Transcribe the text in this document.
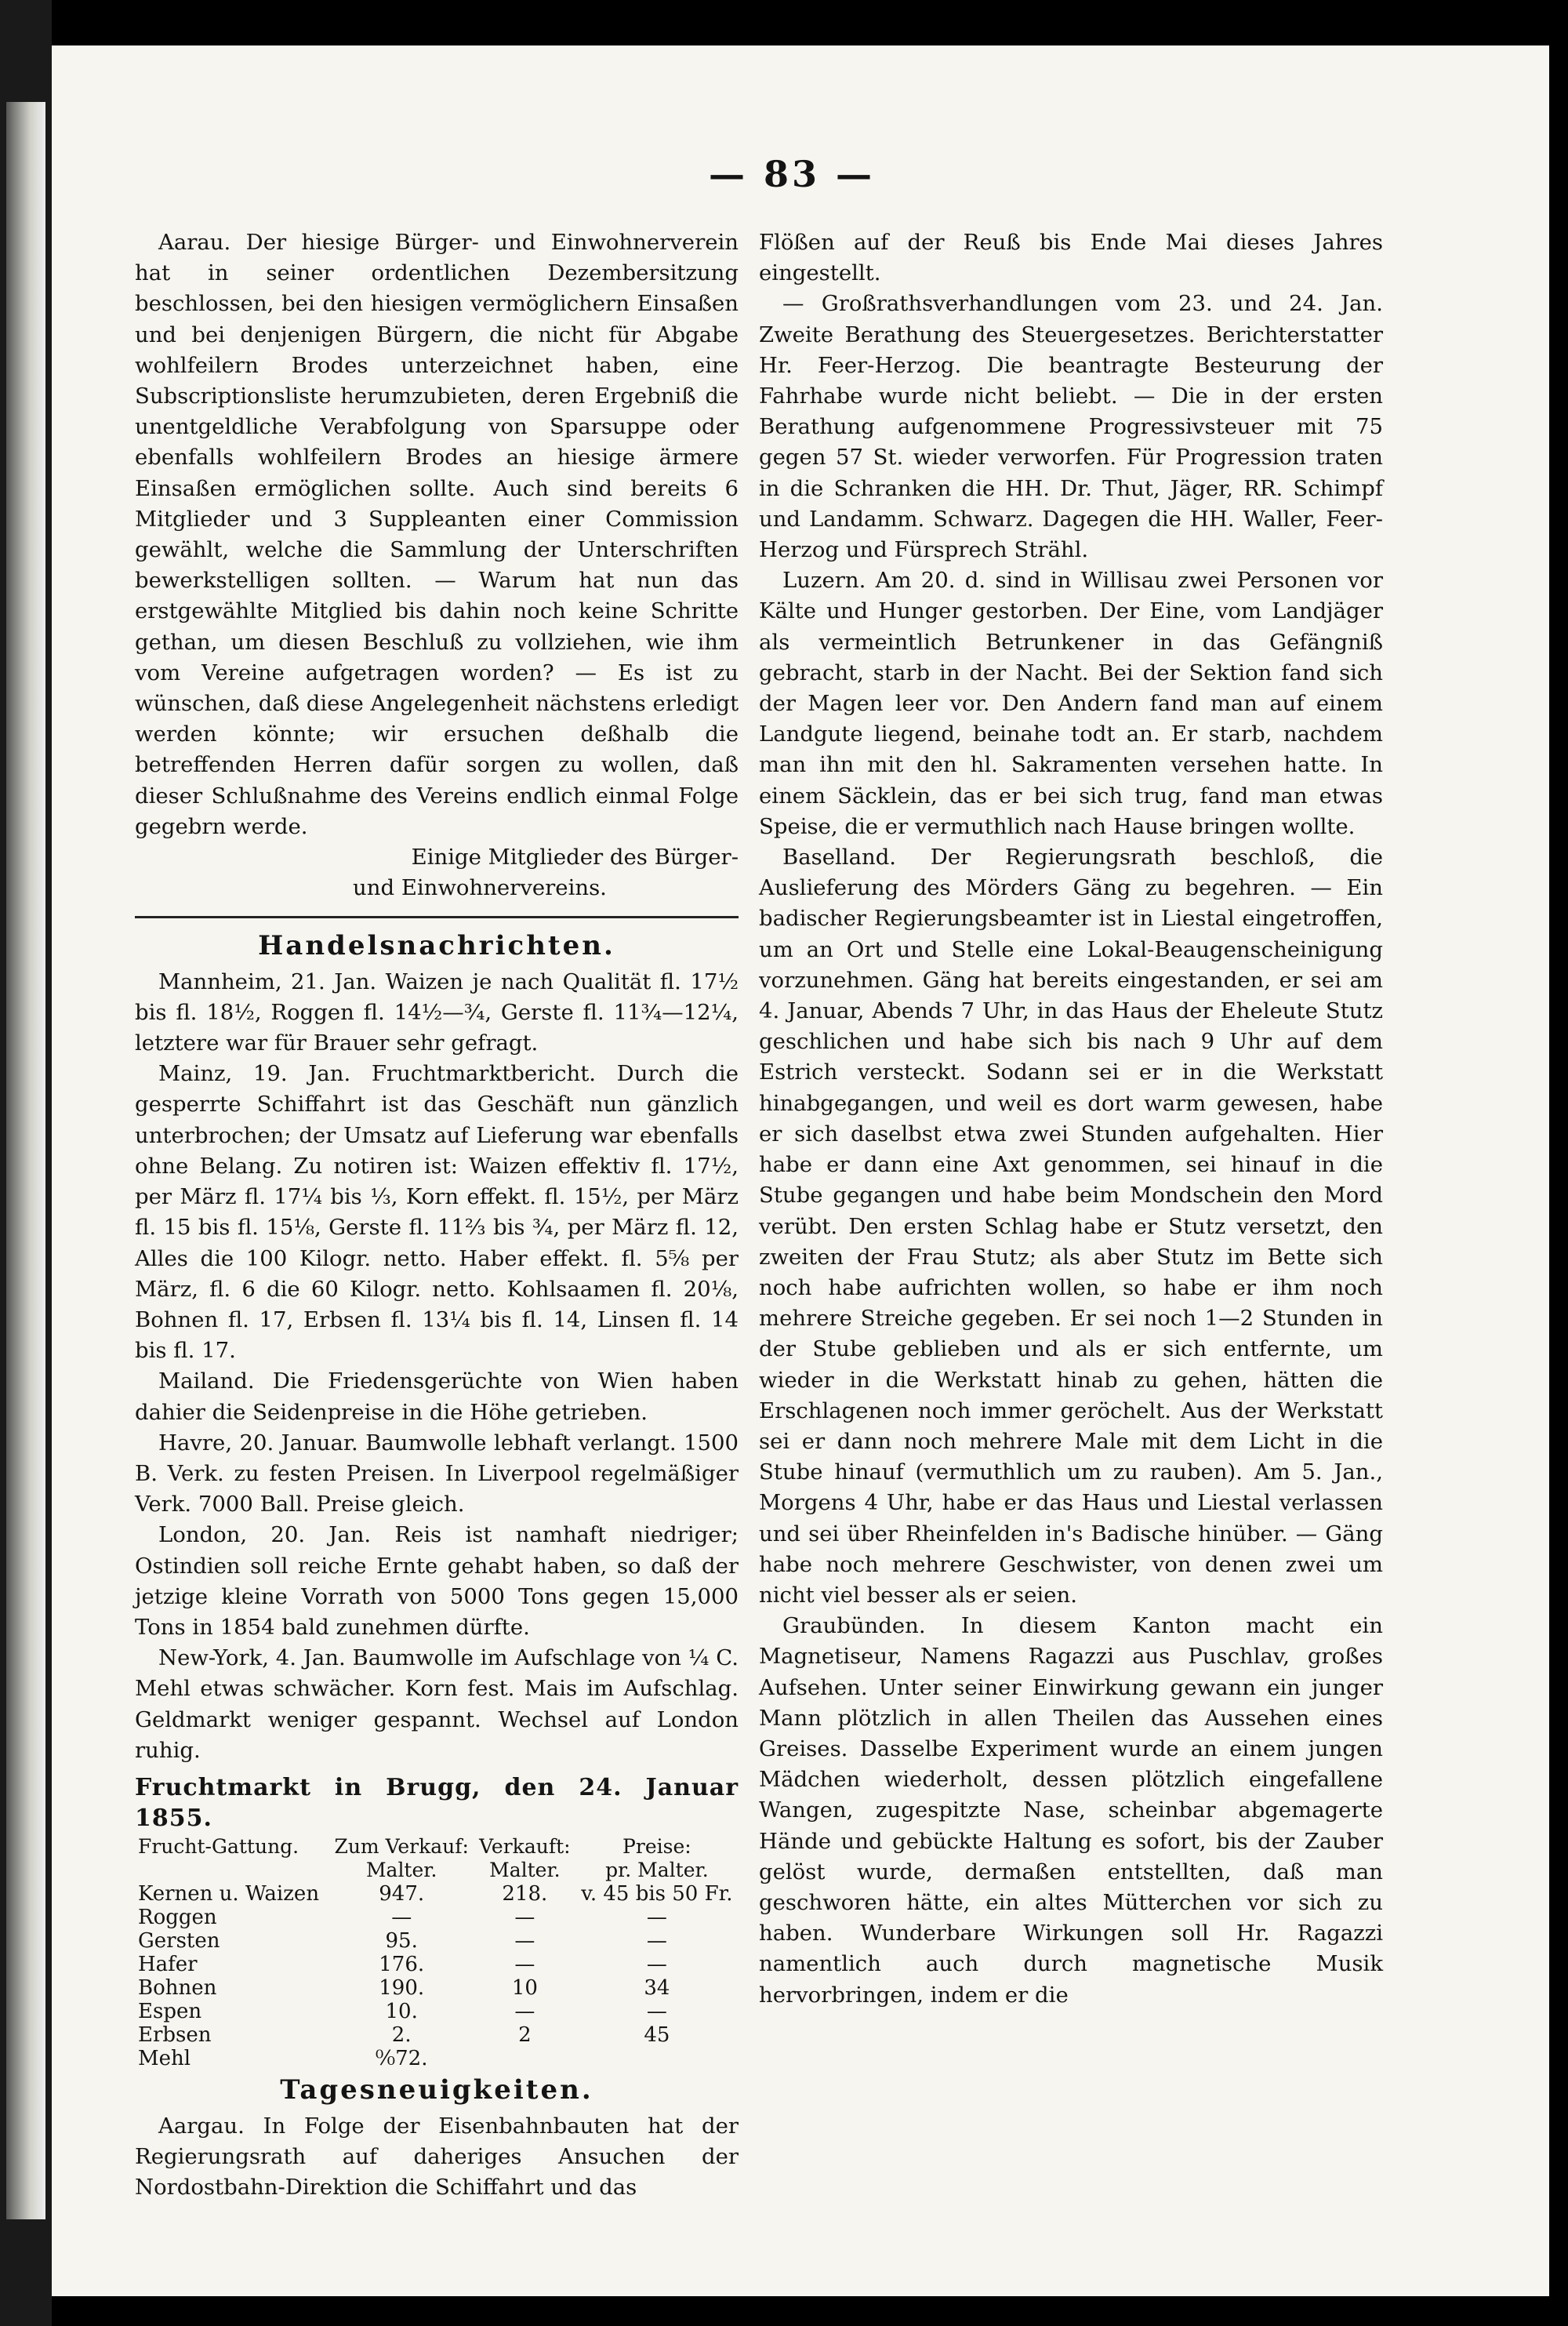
— 83 —

Aarau. Der hiesige Bürger- und Einwohnerverein hat in seiner ordentlichen Dezembersitzung beschlossen, bei den hiesigen vermöglichern Einsaßen und bei denjenigen Bürgern, die nicht für Abgabe wohlfeilern Brodes unterzeichnet haben, eine Subscriptionsliste herumzubieten, deren Ergebniß die unentgeldliche Verabfolgung von Sparsuppe oder ebenfalls wohlfeilern Brodes an hiesige ärmere Einsaßen ermöglichen sollte. Auch sind bereits 6 Mitglieder und 3 Suppleanten einer Commission gewählt, welche die Sammlung der Unterschriften bewerkstelligen sollten. — Warum hat nun das erstgewählte Mitglied bis dahin noch keine Schritte gethan, um diesen Beschluß zu vollziehen, wie ihm vom Vereine aufgetragen worden? — Es ist zu wünschen, daß diese Angelegenheit nächstens erledigt werden könnte; wir ersuchen deßhalb die betreffenden Herren dafür sorgen zu wollen, daß dieser Schlußnahme des Vereins endlich einmal Folge gegebrn werde.

Einige Mitglieder des Bürger-

und Einwohnervereins.

Handelsnachrichten.

Mannheim, 21. Jan. Waizen je nach Qualität fl. 17½ bis fl. 18½, Roggen fl. 14½—¾, Gerste fl. 11¾—12¼, letztere war für Brauer sehr gefragt.

Mainz, 19. Jan. Fruchtmarktbericht. Durch die gesperrte Schiffahrt ist das Geschäft nun gänzlich unterbrochen; der Umsatz auf Lieferung war ebenfalls ohne Belang. Zu notiren ist: Waizen effektiv fl. 17½, per März fl. 17¼ bis ⅓, Korn effekt. fl. 15½, per März fl. 15 bis fl. 15⅛, Gerste fl. 11⅔ bis ¾, per März fl. 12, Alles die 100 Kilogr. netto. Haber effekt. fl. 5⅝ per März, fl. 6 die 60 Kilogr. netto. Kohlsaamen fl. 20⅛, Bohnen fl. 17, Erbsen fl. 13¼ bis fl. 14, Linsen fl. 14 bis fl. 17.

Mailand. Die Friedensgerüchte von Wien haben dahier die Seidenpreise in die Höhe getrieben.

Havre, 20. Januar. Baumwolle lebhaft verlangt. 1500 B. Verk. zu festen Preisen. In Liverpool regelmäßiger Verk. 7000 Ball. Preise gleich.

London, 20. Jan. Reis ist namhaft niedriger; Ostindien soll reiche Ernte gehabt haben, so daß der jetzige kleine Vorrath von 5000 Tons gegen 15,000 Tons in 1854 bald zunehmen dürfte.

New-York, 4. Jan. Baumwolle im Aufschlage von ¼ C. Mehl etwas schwächer. Korn fest. Mais im Aufschlag. Geldmarkt weniger gespannt. Wechsel auf London ruhig.

Fruchtmarkt in Brugg, den 24. Januar 1855.
Frucht-Gattung.	Zum Verkauf:	Verkauft:	Preise:
	Malter.	Malter.	pr. Malter.
Kernen u. Waizen	947.	218.	v. 45 bis 50 Fr.
Roggen	—	—	—
Gersten	95.	—	—
Hafer	176.	—	—
Bohnen	190.	10	34
Espen	10.	—	—
Erbsen	2.	2	45
Mehl	⁰⁄₀72.		
Tagesneuigkeiten.

Aargau. In Folge der Eisenbahnbauten hat der Regierungsrath auf daheriges Ansuchen der Nordostbahn-Direktion die Schiffahrt und das

Flößen auf der Reuß bis Ende Mai dieses Jahres eingestellt.

— Großrathsverhandlungen vom 23. und 24. Jan. Zweite Berathung des Steuergesetzes. Berichterstatter Hr. Feer-Herzog. Die beantragte Besteurung der Fahrhabe wurde nicht beliebt. — Die in der ersten Berathung aufgenommene Progressivsteuer mit 75 gegen 57 St. wieder verworfen. Für Progression traten in die Schranken die HH. Dr. Thut, Jäger, RR. Schimpf und Landamm. Schwarz. Dagegen die HH. Waller, Feer-Herzog und Fürsprech Strähl.

Luzern. Am 20. d. sind in Willisau zwei Personen vor Kälte und Hunger gestorben. Der Eine, vom Landjäger als vermeintlich Betrunkener in das Gefängniß gebracht, starb in der Nacht. Bei der Sektion fand sich der Magen leer vor. Den Andern fand man auf einem Landgute liegend, beinahe todt an. Er starb, nachdem man ihn mit den hl. Sakramenten versehen hatte. In einem Säcklein, das er bei sich trug, fand man etwas Speise, die er vermuthlich nach Hause bringen wollte.

Baselland. Der Regierungsrath beschloß, die Auslieferung des Mörders Gäng zu begehren. — Ein badischer Regierungsbeamter ist in Liestal eingetroffen, um an Ort und Stelle eine Lokal-Beaugenscheinigung vorzunehmen. Gäng hat bereits eingestanden, er sei am 4. Januar, Abends 7 Uhr, in das Haus der Eheleute Stutz geschlichen und habe sich bis nach 9 Uhr auf dem Estrich versteckt. Sodann sei er in die Werkstatt hinabgegangen, und weil es dort warm gewesen, habe er sich daselbst etwa zwei Stunden aufgehalten. Hier habe er dann eine Axt genommen, sei hinauf in die Stube gegangen und habe beim Mondschein den Mord verübt. Den ersten Schlag habe er Stutz versetzt, den zweiten der Frau Stutz; als aber Stutz im Bette sich noch habe aufrichten wollen, so habe er ihm noch mehrere Streiche gegeben. Er sei noch 1—2 Stunden in der Stube geblieben und als er sich entfernte, um wieder in die Werkstatt hinab zu gehen, hätten die Erschlagenen noch immer geröchelt. Aus der Werkstatt sei er dann noch mehrere Male mit dem Licht in die Stube hinauf (vermuthlich um zu rauben). Am 5. Jan., Morgens 4 Uhr, habe er das Haus und Liestal verlassen und sei über Rheinfelden in's Badische hinüber. — Gäng habe noch mehrere Geschwister, von denen zwei um nicht viel besser als er seien.

Graubünden. In diesem Kanton macht ein Magnetiseur, Namens Ragazzi aus Puschlav, großes Aufsehen. Unter seiner Einwirkung gewann ein junger Mann plötzlich in allen Theilen das Aussehen eines Greises. Dasselbe Experiment wurde an einem jungen Mädchen wiederholt, dessen plötzlich eingefallene Wangen, zugespitzte Nase, scheinbar abgemagerte Hände und gebückte Haltung es sofort, bis der Zauber gelöst wurde, dermaßen entstellten, daß man geschworen hätte, ein altes Mütterchen vor sich zu haben. Wunderbare Wirkungen soll Hr. Ragazzi namentlich auch durch magnetische Musik hervorbringen, indem er die
